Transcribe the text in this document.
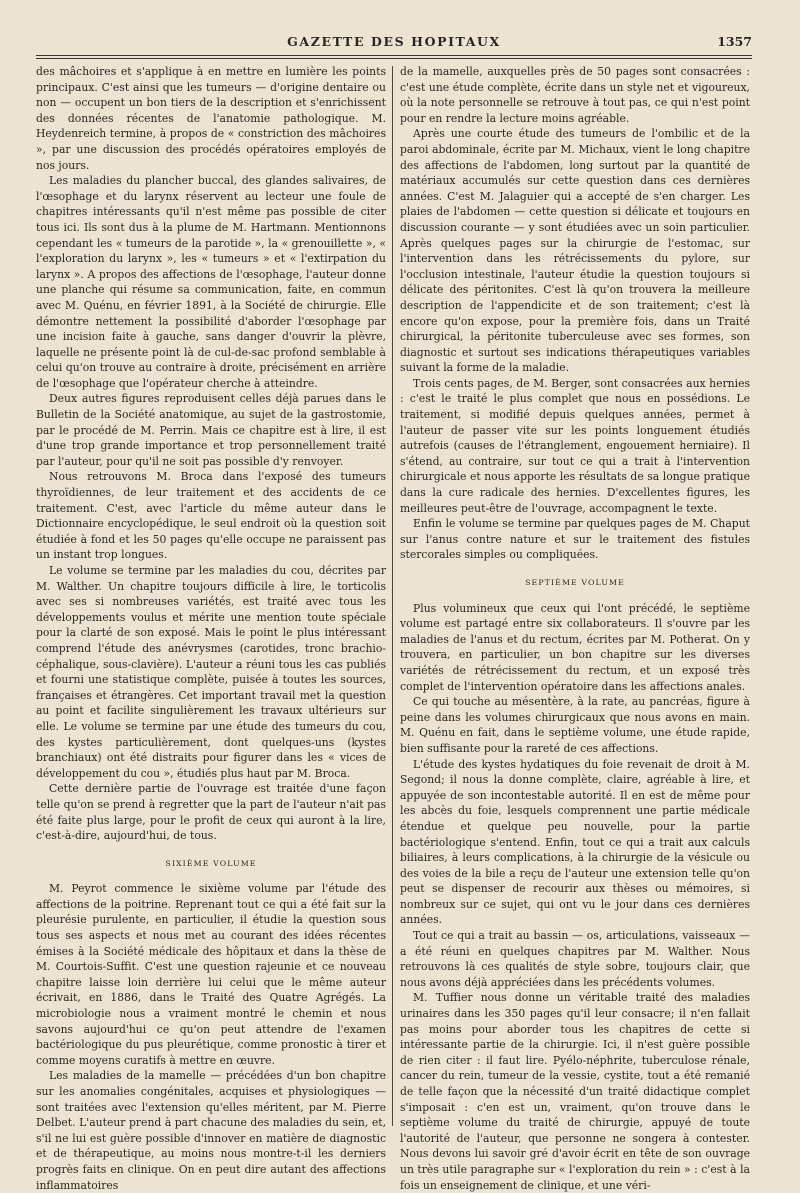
GAZETTE DES HOPITAUX	1357

des mâchoires et s'applique à en mettre en lumière les points principaux. C'est ainsi que les tumeurs — d'origine dentaire ou non — occupent un bon tiers de la description et s'enrichissent des données récentes de l'anatomie pathologique. M. Heydenreich termine, à propos de « constriction des mâchoires », par une discussion des procédés opératoires employés de nos jours.

Les maladies du plancher buccal, des glandes salivaires, de l'œsophage et du larynx réservent au lecteur une foule de chapitres intéressants qu'il n'est même pas possible de citer tous ici. Ils sont dus à la plume de M. Hartmann. Mentionnons cependant les « tumeurs de la parotide », la « grenouillette », « l'exploration du larynx », les « tumeurs » et « l'extirpation du larynx ». A propos des affections de l'œsophage, l'auteur donne une planche qui résume sa communication, faite, en commun avec M. Quénu, en février 1891, à la Société de chirurgie. Elle démontre nettement la possibilité d'aborder l'œsophage par une incision faite à gauche, sans danger d'ouvrir la plèvre, laquelle ne présente point là de cul-de-sac profond semblable à celui qu'on trouve au contraire à droite, précisément en arrière de l'œsophage que l'opérateur cherche à atteindre.

Deux autres figures reproduisent celles déjà parues dans le Bulletin de la Société anatomique, au sujet de la gastrostomie, par le procédé de M. Perrin. Mais ce chapitre est à lire, il est d'une trop grande importance et trop personnellement traité par l'auteur, pour qu'il ne soit pas possible d'y renvoyer.

Nous retrouvons M. Broca dans l'exposé des tumeurs thyroïdiennes, de leur traitement et des accidents de ce traitement. C'est, avec l'article du même auteur dans le Dictionnaire encyclopédique, le seul endroit où la question soit étudiée à fond et les 50 pages qu'elle occupe ne paraissent pas un instant trop longues.

Le volume se termine par les maladies du cou, décrites par M. Walther. Un chapitre toujours difficile à lire, le torticolis avec ses si nombreuses variétés, est traité avec tous les développements voulus et mérite une mention toute spéciale pour la clarté de son exposé. Mais le point le plus intéressant comprend l'étude des anévrysmes (carotides, tronc brachio-céphalique, sous-clavière). L'auteur a réuni tous les cas publiés et fourni une statistique complète, puisée à toutes les sources, françaises et étrangères. Cet important travail met la question au point et facilite singulièrement les travaux ultérieurs sur elle. Le volume se termine par une étude des tumeurs du cou, des kystes particulièrement, dont quelques-uns (kystes branchiaux) ont été distraits pour figurer dans les « vices de développement du cou », étudiés plus haut par M. Broca.

Cette dernière partie de l'ouvrage est traitée d'une façon telle qu'on se prend à regretter que la part de l'auteur n'ait pas été faite plus large, pour le profit de ceux qui auront à la lire, c'est-à-dire, aujourd'hui, de tous.

SIXIÈME VOLUME

M. Peyrot commence le sixième volume par l'étude des affections de la poitrine. Reprenant tout ce qui a été fait sur la pleurésie purulente, en particulier, il étudie la question sous tous ses aspects et nous met au courant des idées récentes émises à la Société médicale des hôpitaux et dans la thèse de M. Courtois-Suffit. C'est une question rajeunie et ce nouveau chapitre laisse loin derrière lui celui que le même auteur écrivait, en 1886, dans le Traité des Quatre Agrégés. La microbiologie nous a vraiment montré le chemin et nous savons aujourd'hui ce qu'on peut attendre de l'examen bactériologique du pus pleurétique, comme pronostic à tirer et comme moyens curatifs à mettre en œuvre.

Les maladies de la mamelle — précédées d'un bon chapitre sur les anomalies congénitales, acquises et physiologiques — sont traitées avec l'extension qu'elles méritent, par M. Pierre Delbet. L'auteur prend à part chacune des maladies du sein, et, s'il ne lui est guère possible d'innover en matière de diagnostic et de thérapeutique, au moins nous montre-t-il les derniers progrès faits en clinique. On en peut dire autant des affections inflammatoires

de la mamelle, auxquelles près de 50 pages sont consacrées : c'est une étude complète, écrite dans un style net et vigoureux, où la note personnelle se retrouve à tout pas, ce qui n'est point pour en rendre la lecture moins agréable.

Après une courte étude des tumeurs de l'ombilic et de la paroi abdominale, écrite par M. Michaux, vient le long chapitre des affections de l'abdomen, long surtout par la quantité de matériaux accumulés sur cette question dans ces dernières années. C'est M. Jalaguier qui a accepté de s'en charger. Les plaies de l'abdomen — cette question si délicate et toujours en discussion courante — y sont étudiées avec un soin particulier. Après quelques pages sur la chirurgie de l'estomac, sur l'intervention dans les rétrécissements du pylore, sur l'occlusion intestinale, l'auteur étudie la question toujours si délicate des péritonites. C'est là qu'on trouvera la meilleure description de l'appendicite et de son traitement; c'est là encore qu'on expose, pour la première fois, dans un Traité chirurgical, la péritonite tuberculeuse avec ses formes, son diagnostic et surtout ses indications thérapeutiques variables suivant la forme de la maladie.

Trois cents pages, de M. Berger, sont consacrées aux hernies : c'est le traité le plus complet que nous en possédions. Le traitement, si modifié depuis quelques années, permet à l'auteur de passer vite sur les points longuement étudiés autrefois (causes de l'étranglement, engouement herniaire). Il s'étend, au contraire, sur tout ce qui a trait à l'intervention chirurgicale et nous apporte les résultats de sa longue pratique dans la cure radicale des hernies. D'excellentes figures, les meilleures peut-être de l'ouvrage, accompagnent le texte.

Enfin le volume se termine par quelques pages de M. Chaput sur l'anus contre nature et sur le traitement des fistules stercorales simples ou compliquées.

SEPTIÈME VOLUME

Plus volumineux que ceux qui l'ont précédé, le septième volume est partagé entre six collaborateurs. Il s'ouvre par les maladies de l'anus et du rectum, écrites par M. Potherat. On y trouvera, en particulier, un bon chapitre sur les diverses variétés de rétrécissement du rectum, et un exposé très complet de l'intervention opératoire dans les affections anales.

Ce qui touche au mésentère, à la rate, au pancréas, figure à peine dans les volumes chirurgicaux que nous avons en main. M. Quénu en fait, dans le septième volume, une étude rapide, bien suffisante pour la rareté de ces affections.

L'étude des kystes hydatiques du foie revenait de droit à M. Segond; il nous la donne complète, claire, agréable à lire, et appuyée de son incontestable autorité. Il en est de même pour les abcès du foie, lesquels comprennent une partie médicale étendue et quelque peu nouvelle, pour la partie bactériologique s'entend. Enfin, tout ce qui a trait aux calculs biliaires, à leurs complications, à la chirurgie de la vésicule ou des voies de la bile a reçu de l'auteur une extension telle qu'on peut se dispenser de recourir aux thèses ou mémoires, si nombreux sur ce sujet, qui ont vu le jour dans ces dernières années.

Tout ce qui a trait au bassin — os, articulations, vaisseaux — a été réuni en quelques chapitres par M. Walther. Nous retrouvons là ces qualités de style sobre, toujours clair, que nous avons déjà appréciées dans les précédents volumes.

M. Tuffier nous donne un véritable traité des maladies urinaires dans les 350 pages qu'il leur consacre; il n'en fallait pas moins pour aborder tous les chapitres de cette si intéressante partie de la chirurgie. Ici, il n'est guère possible de rien citer : il faut lire. Pyélo-néphrite, tuberculose rénale, cancer du rein, tumeur de la vessie, cystite, tout a été remanié de telle façon que la nécessité d'un traité didactique complet s'imposait : c'en est un, vraiment, qu'on trouve dans le septième volume du traité de chirurgie, appuyé de toute l'autorité de l'auteur, que personne ne songera à contester. Nous devons lui savoir gré d'avoir écrit en tête de son ouvrage un très utile paragraphe sur « l'exploration du rein » : c'est à la fois un enseignement de clinique, et une véri-
